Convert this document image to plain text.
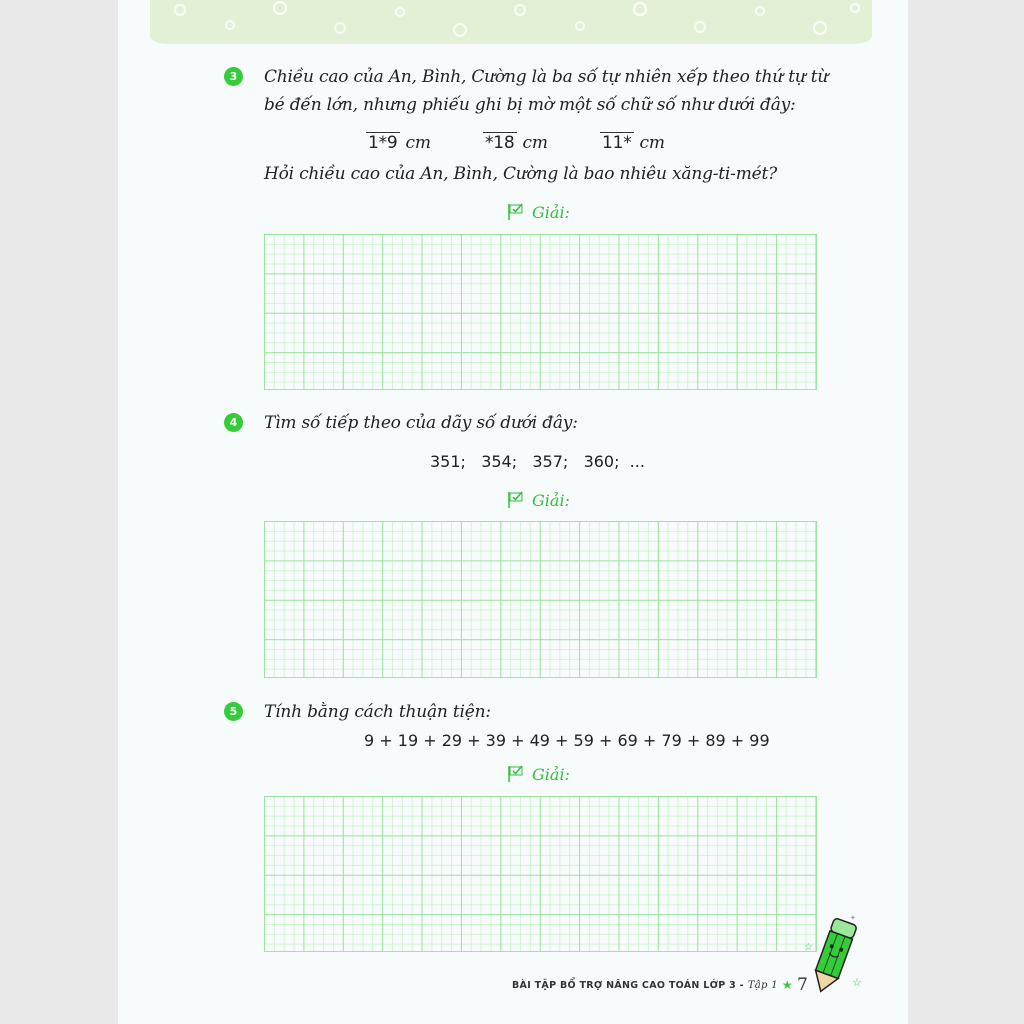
3	Chiều cao của An, Bình, Cường là ba số tự nhiên xếp theo thứ tự từ
bé đến lớn, nhưng phiếu ghi bị mờ một số chữ số như dưới đây:
1*9 cm	*18 cm	11* cm
Hỏi chiều cao của An, Bình, Cường là bao nhiêu xăng-ti-mét?
Giải:
4	Tìm số tiếp theo của dãy số dưới đây:
351;   354;   357;   360;  ...
Giải:
5	Tính bằng cách thuận tiện:
9 + 19 + 29 + 39 + 49 + 59 + 69 + 79 + 89 + 99
Giải:
BÀI TẬP BỔ TRỢ NÂNG CAO TOÁN LỚP 3 - Tập 1 ★ 7
☆
☆
✦
